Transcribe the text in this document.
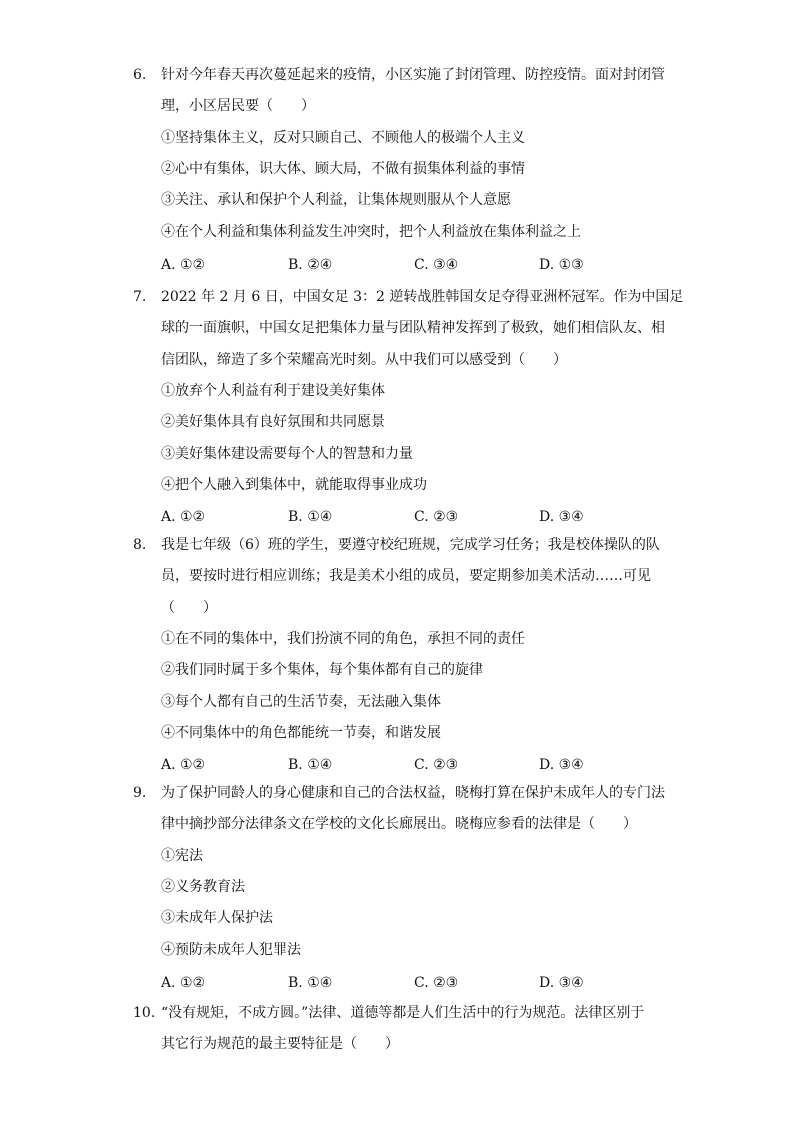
6. 针对今年春天再次蔓延起来的疫情，小区实施了封闭管理、防控疫情。面对封闭管
理，小区居民要（　　）
①坚持集体主义，反对只顾自己、不顾他人的极端个人主义
②心中有集体，识大体、顾大局，不做有损集体利益的事情
③关注、承认和保护个人利益，让集体规则服从个人意愿
④在个人利益和集体利益发生冲突时，把个人利益放在集体利益之上
A. ①②	B. ②④	C. ③④	D. ①③
7. 2022 年 2 月 6 日，中国女足 3：2 逆转战胜韩国女足夺得亚洲杯冠军。作为中国足
球的一面旗帜，中国女足把集体力量与团队精神发挥到了极致，她们相信队友、相
信团队，缔造了多个荣耀高光时刻。从中我们可以感受到（　　）
①放弃个人利益有利于建设美好集体
②美好集体具有良好氛围和共同愿景
③美好集体建设需要每个人的智慧和力量
④把个人融入到集体中，就能取得事业成功
A. ①②	B. ①④	C. ②③	D. ③④
8. 我是七年级（6）班的学生，要遵守校纪班规，完成学习任务；我是校体操队的队
员，要按时进行相应训练；我是美术小组的成员，要定期参加美术活动……可见
（　　）
①在不同的集体中，我们扮演不同的角色，承担不同的责任
②我们同时属于多个集体，每个集体都有自己的旋律
③每个人都有自己的生活节奏，无法融入集体
④不同集体中的角色都能统一节奏，和谐发展
A. ①②	B. ①④	C. ②③	D. ③④
9. 为了保护同龄人的身心健康和自己的合法权益，晓梅打算在保护未成年人的专门法
律中摘抄部分法律条文在学校的文化长廊展出。晓梅应参看的法律是（　　）
①宪法
②义务教育法
③未成年人保护法
④预防未成年人犯罪法
A. ①②	B. ①④	C. ②③	D. ③④
10. “没有规矩，不成方圆。”法律、道德等都是人们生活中的行为规范。法律区别于
其它行为规范的最主要特征是（　　）
